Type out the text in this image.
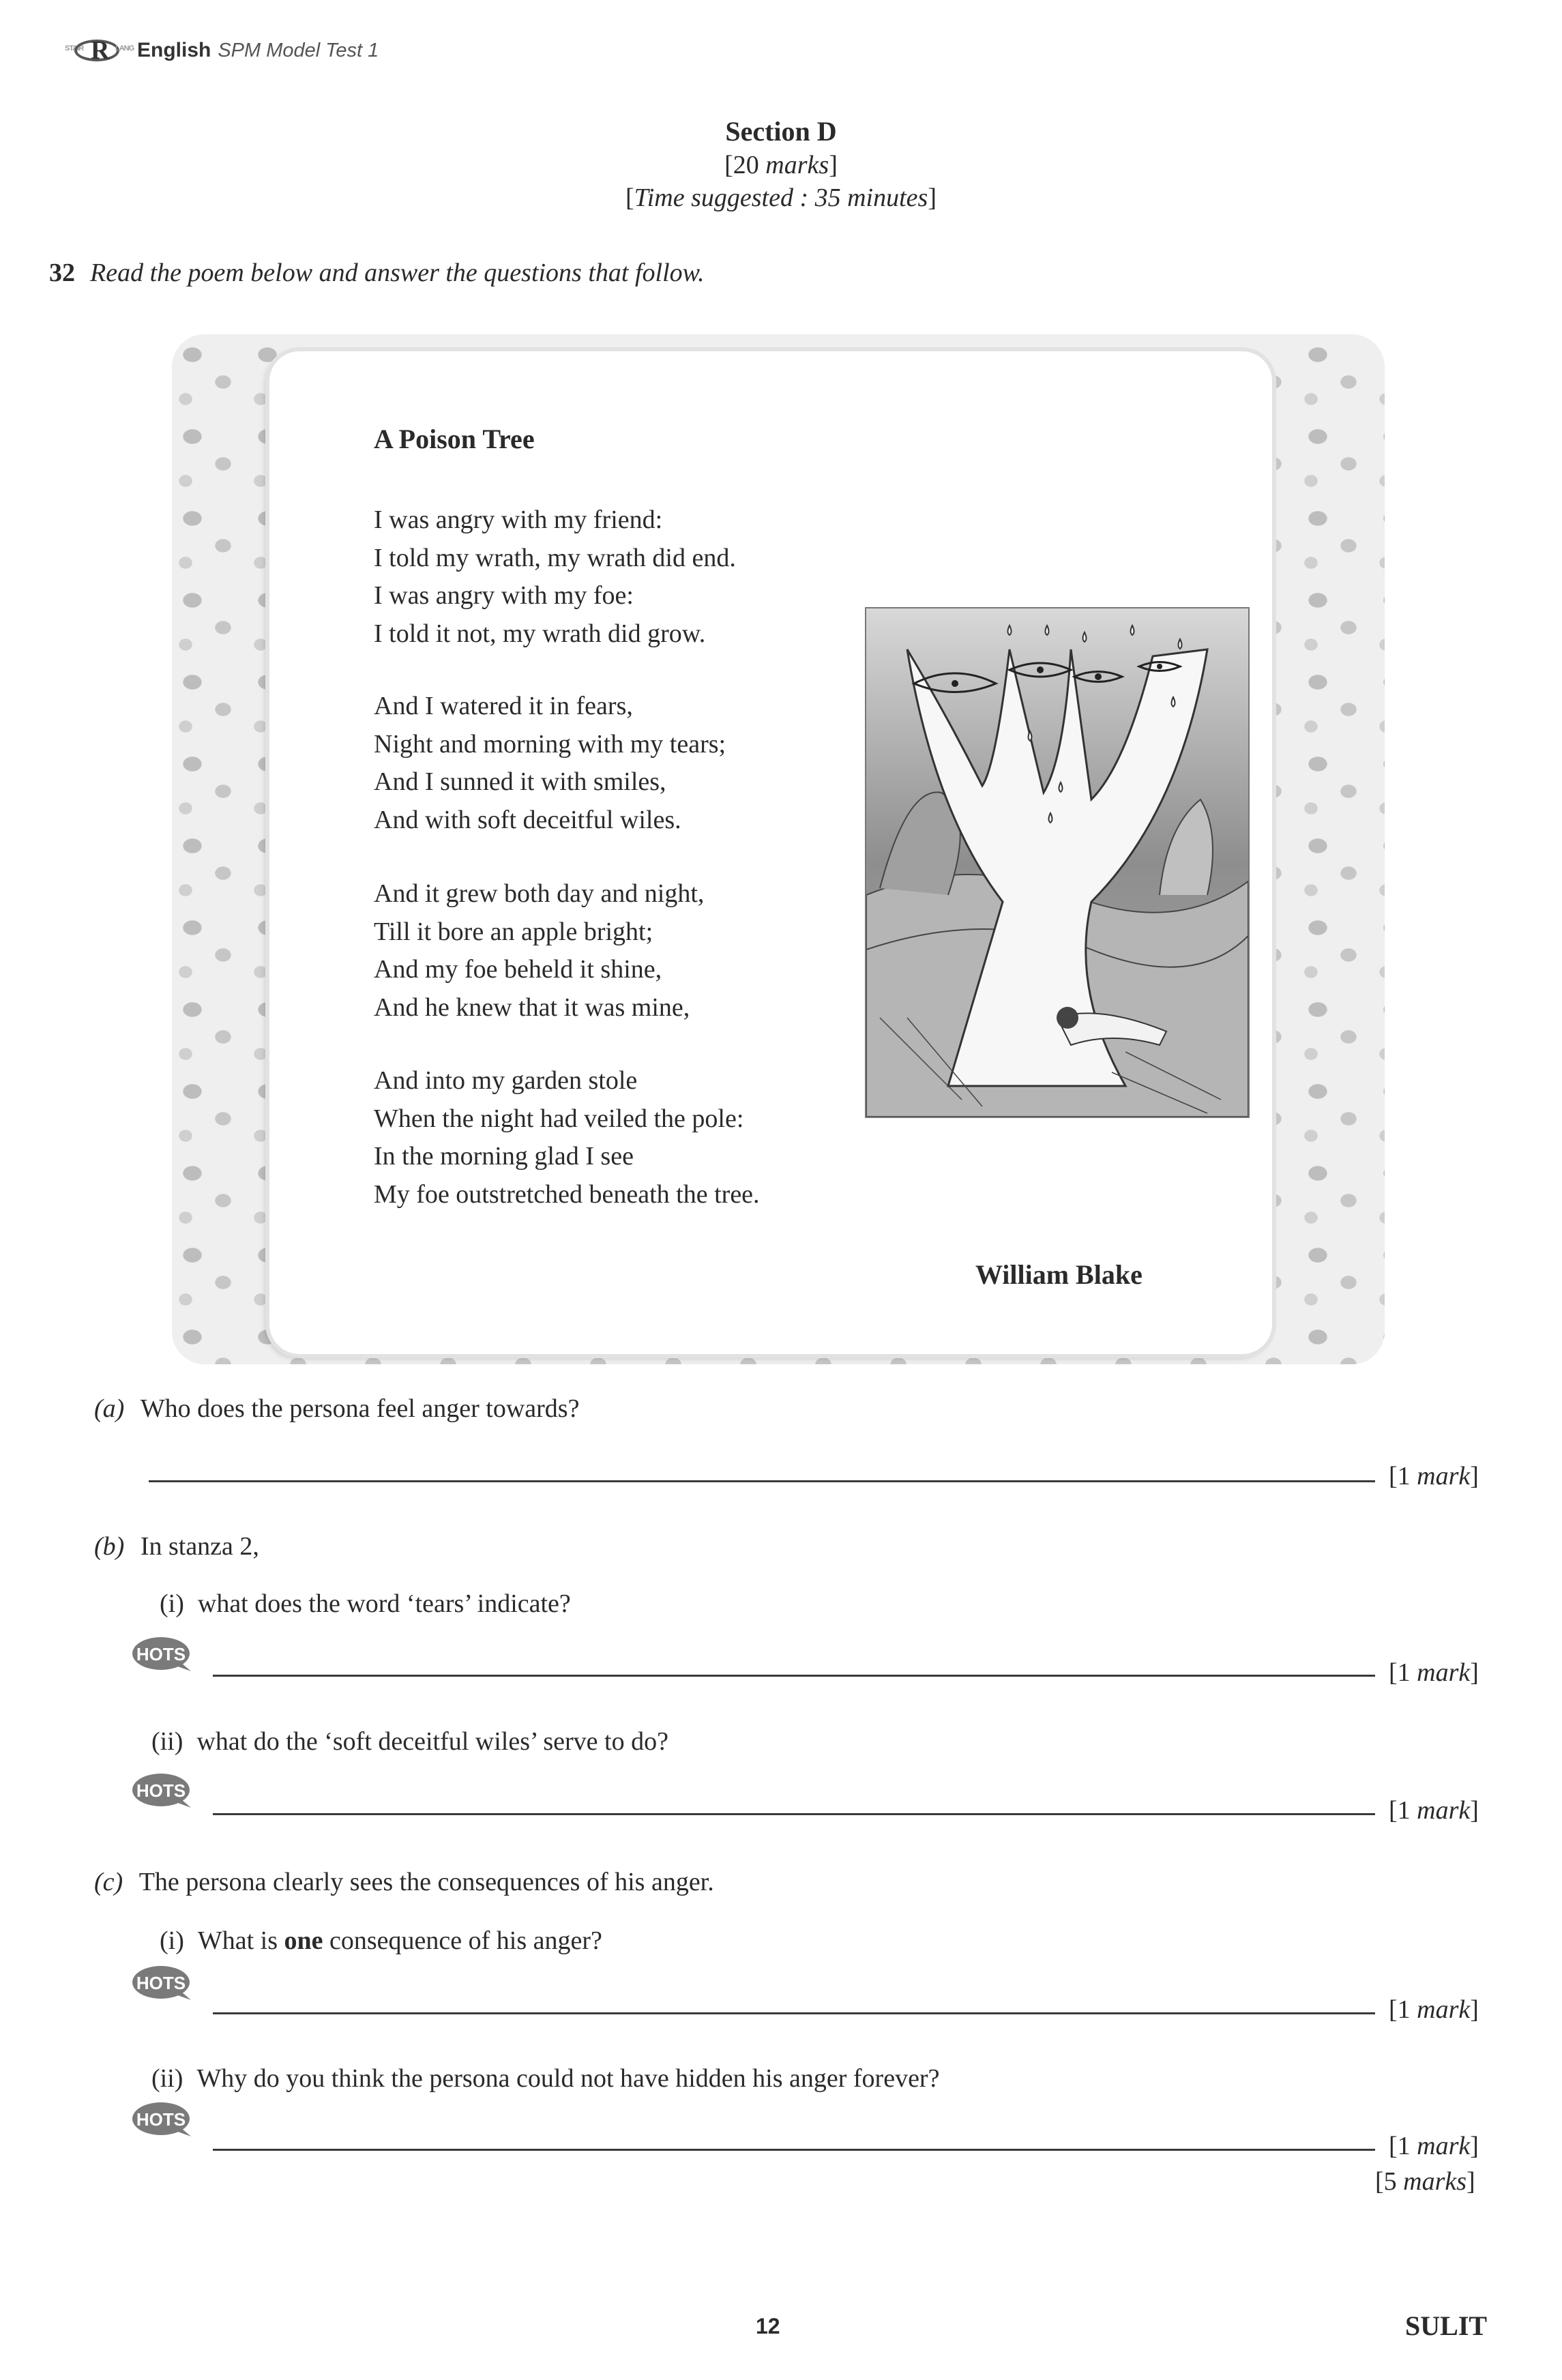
STAIR R LANG English SPM Model Test 1
Section D
[20 marks]
[Time suggested : 35 minutes]
32 Read the poem below and answer the questions that follow.
A Poison Tree
I was angry with my friend:
I told my wrath, my wrath did end.
I was angry with my foe:
I told it not, my wrath did grow.
And I watered it in fears,
Night and morning with my tears;
And I sunned it with smiles,
And with soft deceitful wiles.
And it grew both day and night,
Till it bore an apple bright;
And my foe beheld it shine,
And he knew that it was mine,
And into my garden stole
When the night had veiled the pole:
In the morning glad I see
My foe outstretched beneath the tree.
William Blake
(a) Who does the persona feel anger towards?
[1 mark]
(b) In stanza 2,
(i) what does the word ‘tears’ indicate?
HOTS
[1 mark]
(ii) what do the ‘soft deceitful wiles’ serve to do?
HOTS
[1 mark]
(c) The persona clearly sees the consequences of his anger.
(i) What is one consequence of his anger?
HOTS
[1 mark]
(ii) Why do you think the persona could not have hidden his anger forever?
HOTS
[1 mark]
[5 marks]
12	SULIT
